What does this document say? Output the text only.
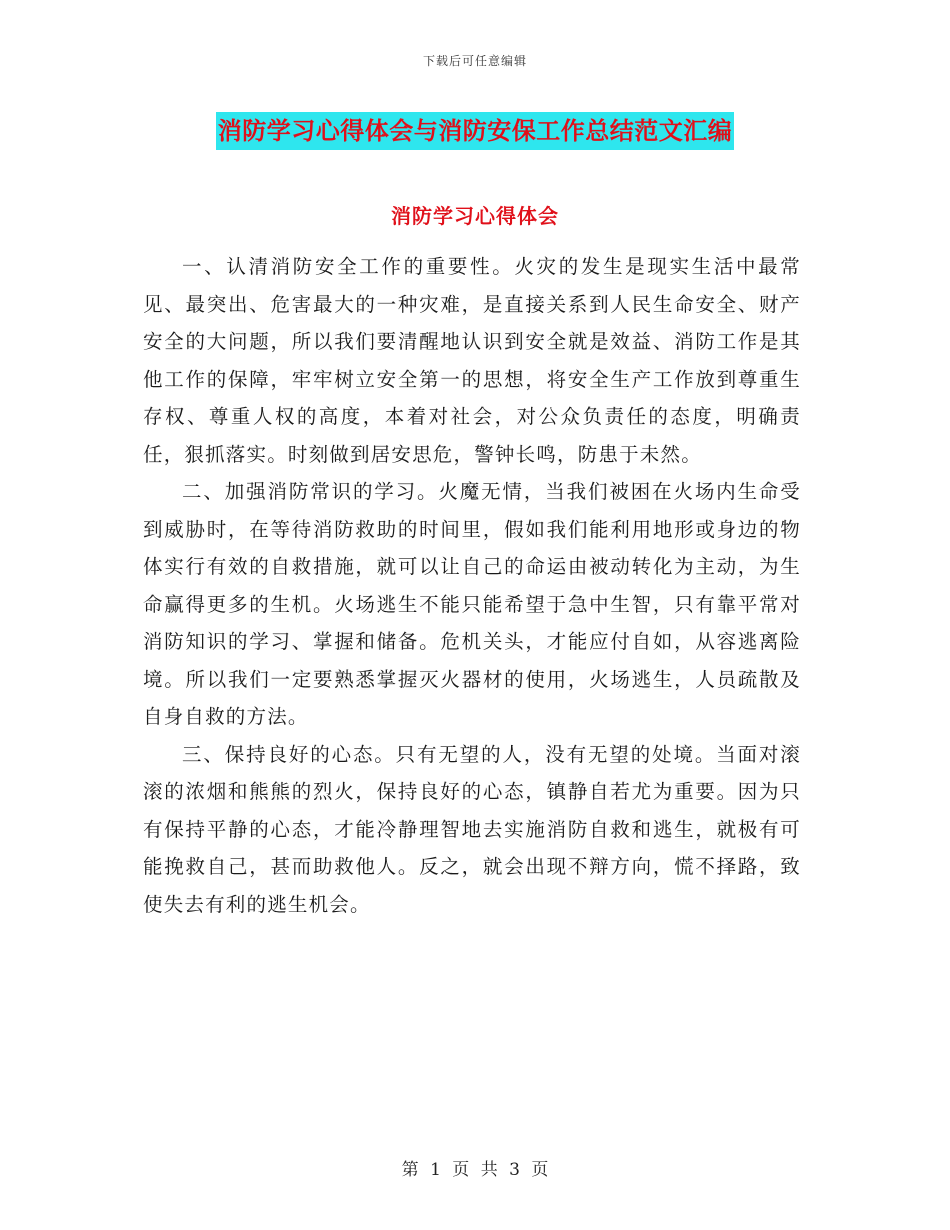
下载后可任意编辑
消防学习心得体会与消防安保工作总结范文汇编
消防学习心得体会

一、认清消防安全工作的重要性。火灾的发生是现实生活中最常见、最突出、危害最大的一种灾难，是直接关系到人民生命安全、财产安全的大问题，所以我们要清醒地认识到安全就是效益、消防工作是其他工作的保障，牢牢树立安全第一的思想，将安全生产工作放到尊重生存权、尊重人权的高度，本着对社会，对公众负责任的态度，明确责任，狠抓落实。时刻做到居安思危，警钟长鸣，防患于未然。

二、加强消防常识的学习。火魔无情，当我们被困在火场内生命受到威胁时，在等待消防救助的时间里，假如我们能利用地形或身边的物体实行有效的自救措施，就可以让自己的命运由被动转化为主动，为生命赢得更多的生机。火场逃生不能只能希望于急中生智，只有靠平常对消防知识的学习、掌握和储备。危机关头，才能应付自如，从容逃离险境。所以我们一定要熟悉掌握灭火器材的使用，火场逃生，人员疏散及自身自救的方法。

三、保持良好的心态。只有无望的人，没有无望的处境。当面对滚滚的浓烟和熊熊的烈火，保持良好的心态，镇静自若尤为重要。因为只有保持平静的心态，才能冷静理智地去实施消防自救和逃生，就极有可能挽救自己，甚而助救他人。反之，就会出现不辩方向，慌不择路，致使失去有利的逃生机会。

第 1 页 共 3 页
